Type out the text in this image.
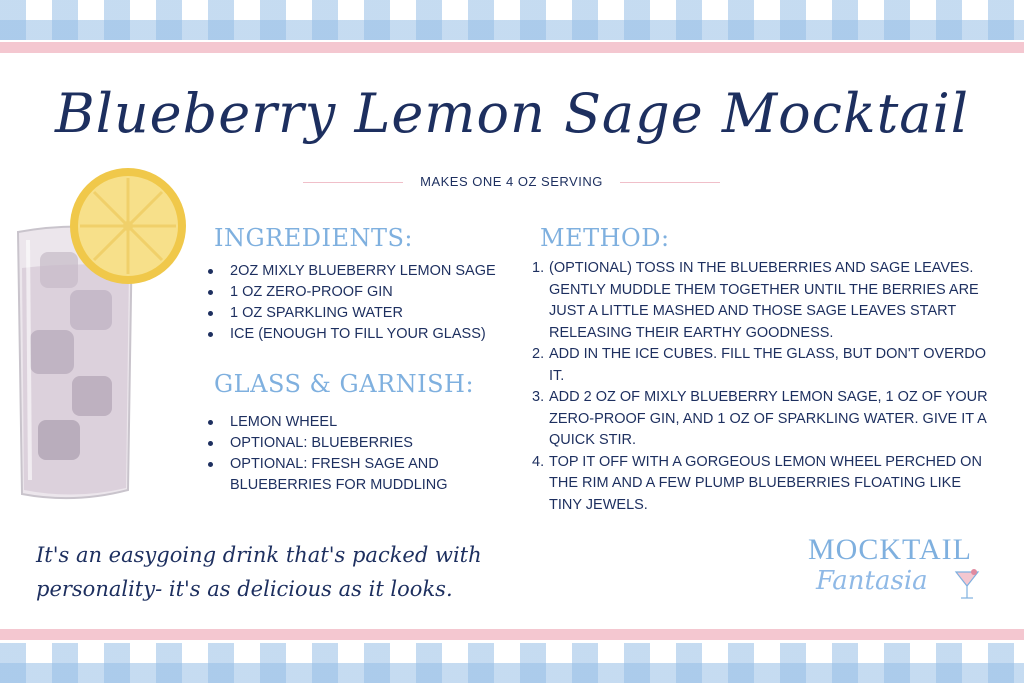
Blueberry Lemon Sage Mocktail
MAKES ONE 4 OZ SERVING
INGREDIENTS:
2OZ MIXLY BLUEBERRY LEMON SAGE
1 OZ ZERO-PROOF GIN
1 OZ SPARKLING WATER
ICE (ENOUGH TO FILL YOUR GLASS)
GLASS & GARNISH:
LEMON WHEEL
OPTIONAL: BLUEBERRIES
OPTIONAL: FRESH SAGE AND BLUEBERRIES FOR MUDDLING
METHOD:
1. (OPTIONAL) TOSS IN THE BLUEBERRIES AND SAGE LEAVES. GENTLY MUDDLE THEM TOGETHER UNTIL THE BERRIES ARE JUST A LITTLE MASHED AND THOSE SAGE LEAVES START RELEASING THEIR EARTHY GOODNESS.
2. ADD IN THE ICE CUBES. FILL THE GLASS, BUT DON'T OVERDO IT.
3. ADD 2 OZ OF MIXLY BLUEBERRY LEMON SAGE, 1 OZ OF YOUR ZERO-PROOF GIN, AND 1 OZ OF SPARKLING WATER. GIVE IT A QUICK STIR.
4. TOP IT OFF WITH A GORGEOUS LEMON WHEEL PERCHED ON THE RIM AND A FEW PLUMP BLUEBERRIES FLOATING LIKE TINY JEWELS.
It's an easygoing drink that's packed with personality- it's as delicious as it looks.
MOCKTAIL
Fantasia
